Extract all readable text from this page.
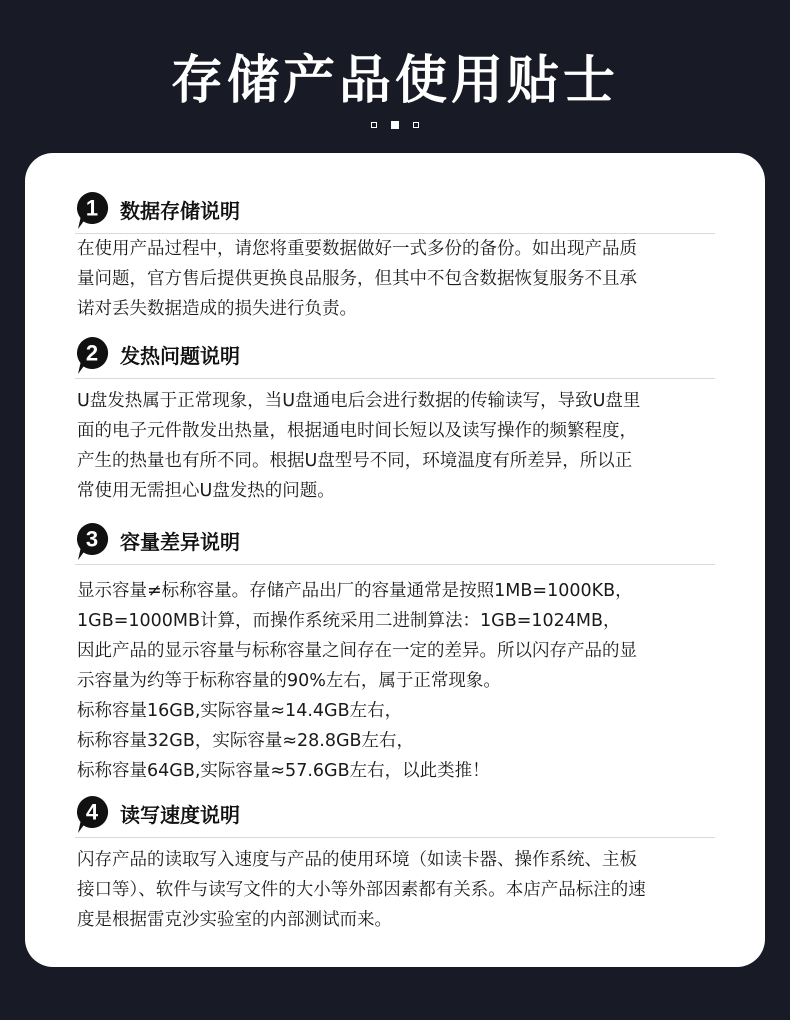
存储产品使用贴士
1 数据存储说明
在使用产品过程中，请您将重要数据做好一式多份的备份。如出现产品质
量问题，官方售后提供更换良品服务，但其中不包含数据恢复服务不且承
诺对丢失数据造成的损失进行负责。
2 发热问题说明
U盘发热属于正常现象，当U盘通电后会进行数据的传输读写，导致U盘里
面的电子元件散发出热量，根据通电时间长短以及读写操作的频繁程度，
产生的热量也有所不同。根据U盘型号不同，环境温度有所差异，所以正
常使用无需担心U盘发热的问题。
3 容量差异说明
显示容量≠标称容量。存储产品出厂的容量通常是按照1MB=1000KB，
1GB=1000MB计算，而操作系统采用二进制算法：1GB=1024MB，
因此产品的显示容量与标称容量之间存在一定的差异。所以闪存产品的显
示容量为约等于标称容量的90%左右，属于正常现象。
标称容量16GB,实际容量≈14.4GB左右，
标称容量32GB，实际容量≈28.8GB左右，
标称容量64GB,实际容量≈57.6GB左右，以此类推！
4 读写速度说明
闪存产品的读取写入速度与产品的使用环境（如读卡器、操作系统、主板
接口等）、软件与读写文件的大小等外部因素都有关系。本店产品标注的速
度是根据雷克沙实验室的内部测试而来。
